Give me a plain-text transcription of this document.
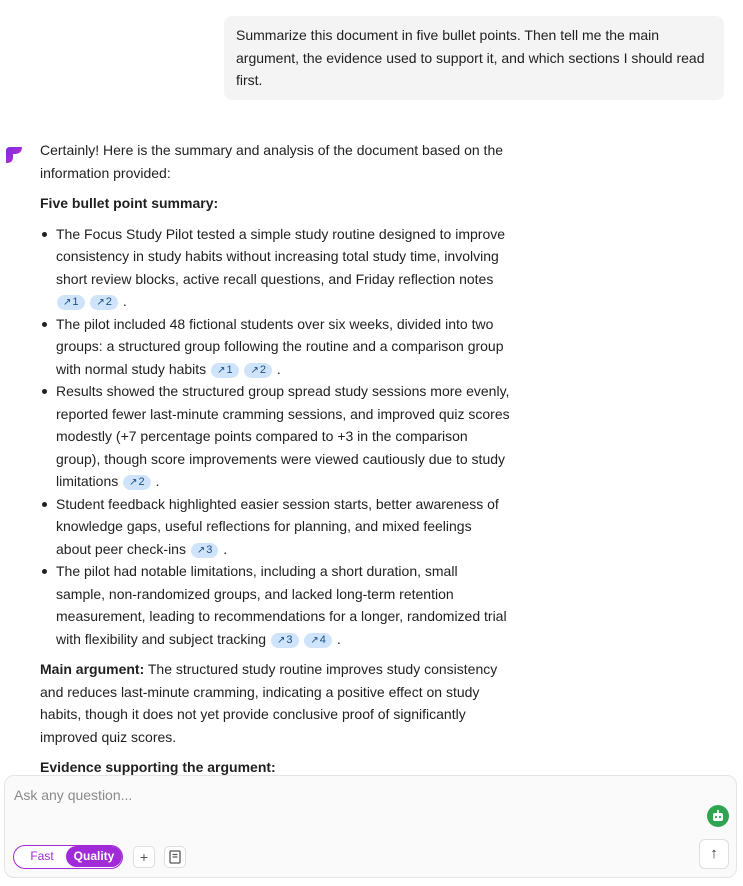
Summarize this document in five bullet points. Then tell me the main argument, the evidence used to support it, and which sections I should read first.

Certainly! Here is the summary and analysis of the document based on the information provided:

Five bullet point summary:

The Focus Study Pilot tested a simple study routine designed to improve consistency in study habits without increasing total study time, involving short review blocks, active recall questions, and Friday reflection notes ↗1 ↗2 .
The pilot included 48 fictional students over six weeks, divided into two groups: a structured group following the routine and a comparison group with normal study habits ↗1 ↗2 .
Results showed the structured group spread study sessions more evenly, reported fewer last-minute cramming sessions, and improved quiz scores modestly (+7 percentage points compared to +3 in the comparison group), though score improvements were viewed cautiously due to study limitations ↗2 .
Student feedback highlighted easier session starts, better awareness of knowledge gaps, useful reflections for planning, and mixed feelings about peer check-ins ↗3 .
The pilot had notable limitations, including a short duration, small sample, non-randomized groups, and lacked long-term retention measurement, leading to recommendations for a longer, randomized trial with flexibility and subject tracking ↗3 ↗4 .

Main argument: The structured study routine improves study consistency and reduces last-minute cramming, indicating a positive effect on study habits, though it does not yet provide conclusive proof of significantly improved quiz scores.

Evidence supporting the argument:

Ask any question...
Fast	Quality	+	↑
